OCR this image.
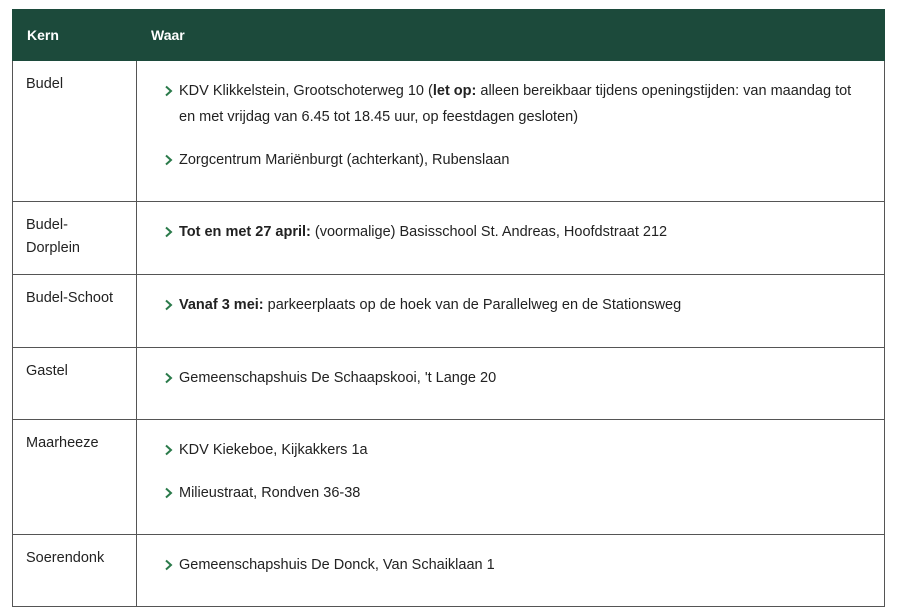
Kern	Waar
Budel	KDV Klikkelstein, Grootschoterweg 10 (let op: alleen bereikbaar tijdens openingstijden: van maandag tot en met vrijdag van 6.45 tot 18.45 uur, op feestdagen gesloten)
Zorgcentrum Mariënburgt (achterkant), Rubenslaan

Budel-
Dorplein	Tot en met 27 april: (voormalige) Basisschool St. Andreas, Hoofdstraat 212

Budel-Schoot	Vanaf 3 mei: parkeerplaats op de hoek van de Parallelweg en de Stationsweg

Gastel	Gemeenschapshuis De Schaapskooi, 't Lange 20

Maarheeze	KDV Kiekeboe, Kijkakkers 1a
Milieustraat, Rondven 36-38

Soerendonk	Gemeenschapshuis De Donck, Van Schaiklaan 1
